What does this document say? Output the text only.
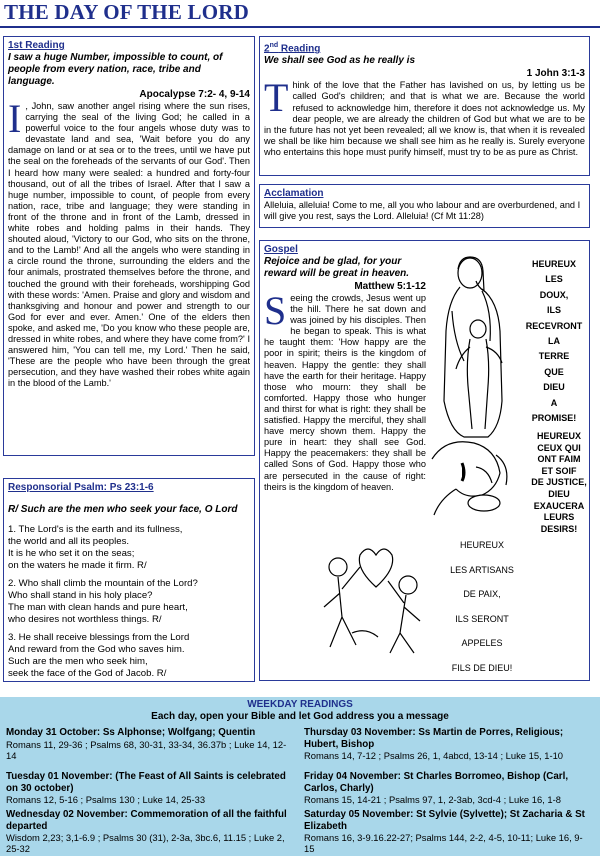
THE DAY OF THE LORD
1st Reading
I saw a huge Number, impossible to count, of people from every nation, race, tribe and language.
Apocalypse 7:2- 4, 9-14
I , John, saw another angel rising where the sun rises, carrying the seal of the living God; he called in a powerful voice to the four angels whose duty was to devastate land and sea, 'Wait before you do any damage on land or at sea or to the trees, until we have put the seal on the foreheads of the servants of our God'. Then I heard how many were sealed: a hundred and forty-four thousand, out of all the tribes of Israel. After that I saw a huge number, impossible to count, of people from every nation, race, tribe and language; they were standing in front of the throne and in front of the Lamb, dressed in white robes and holding palms in their hands. They shouted aloud, 'Victory to our God, who sits on the throne, and to the Lamb!' And all the angels who were standing in a circle round the throne, surrounding the elders and the four animals, prostrated themselves before the throne, and touched the ground with their foreheads, worshipping God with these words: 'Amen. Praise and glory and wisdom and thanksgiving and honour and power and strength to our God for ever and ever. Amen.' One of the elders then spoke, and asked me, 'Do you know who these people are, dressed in white robes, and where they have come from?' I answered him, 'You can tell me, my Lord.' Then he said, 'These are the people who have been through the great persecution, and they have washed their robes white again in the blood of the Lamb.'
Responsorial Psalm: Ps 23:1-6
R/ Such are the men who seek your face, O Lord
1. The Lord's is the earth and its fullness,
the world and all its peoples.
It is he who set it on the seas;
on the waters he made it firm. R/
2. Who shall climb the mountain of the Lord?
Who shall stand in his holy place?
The man with clean hands and pure heart,
who desires not worthless things. R/
3. He shall receive blessings from the Lord
And reward from the God who saves him.
Such are the men who seek him,
seek the face of the God of Jacob. R/
2nd Reading
We shall see God as he really is
1 John 3:1-3
Think of the love that the Father has lavished on us, by letting us be called God's children; and that is what we are. Because the world refused to acknowledge him, therefore it does not acknowledge us. My dear people, we are already the children of God but what we are to be in the future has not yet been revealed; all we know is, that when it is revealed we shall be like him because we shall see him as he really is. Surely everyone who entertains this hope must purify himself, must try to be as pure as Christ.
Acclamation
Alleluia, alleluia! Come to me, all you who labour and are overburdened, and I will give you rest, says the Lord. Alleluia! (Cf Mt 11:28)
Gospel
Rejoice and be glad, for your reward will be great in heaven.
Matthew 5:1-12
Seeing the crowds, Jesus went up the hill. There he sat down and was joined by his disciples. Then he began to speak. This is what he taught them: 'How happy are the poor in spirit; theirs is the kingdom of heaven. Happy the gentle: they shall have the earth for their heritage. Happy those who mourn: they shall be comforted. Happy those who hunger and thirst for what is right: they shall be satisfied. Happy the merciful, they shall have mercy shown them. Happy the pure in heart: they shall see God. Happy the peacemakers: they shall be called Sons of God. Happy those who are persecuted in the cause of right: theirs is the kingdom of heaven.
HEUREUX
LES
DOUX,
ILS
RECEVRONT
LA
TERRE
QUE
DIEU
A
PROMISE!
HEUREUX
CEUX QUI
ONT FAIM
ET SOIF
DE JUSTICE,
DIEU
EXAUCERA
LEURS
DESIRS!
HEUREUX
LES ARTISANS
DE PAIX,
ILS SERONT
APPELES
FILS DE DIEU!
WEEKDAY READINGS
Each day, open your Bible and let God address you a message
Monday 31 October: Ss Alphonse; Wolfgang; Quentin
Romans 11, 29-36 ; Psalms 68, 30-31, 33-34, 36.37b ; Luke 14, 12-14
Tuesday 01 November: (The Feast of All Saints is celebrated on 30 october)
Romans 12, 5-16 ; Psalms 130 ; Luke 14, 25-33
Wednesday 02 November: Commemoration of all the faithful departed
Wisdom 2,23; 3,1-6.9 ; Psalms 30 (31), 2-3a, 3bc.6, 11.15 ; Luke 2, 25-32
Thursday 03 November: Ss Martin de Porres, Religious; Hubert, Bishop
Romans 14, 7-12 ; Psalms 26, 1, 4abcd, 13-14 ; Luke 15, 1-10
Friday 04 November: St Charles Borromeo, Bishop (Carl, Carlos, Charly)
Romans 15, 14-21 ; Psalms 97, 1, 2-3ab, 3cd-4 ; Luke 16, 1-8
Saturday 05 November: St Sylvie (Sylvette); St Zacharia & St Elizabeth
Romans 16, 3-9.16.22-27; Psalms 144, 2-2, 4-5, 10-11; Luke 16, 9-15
